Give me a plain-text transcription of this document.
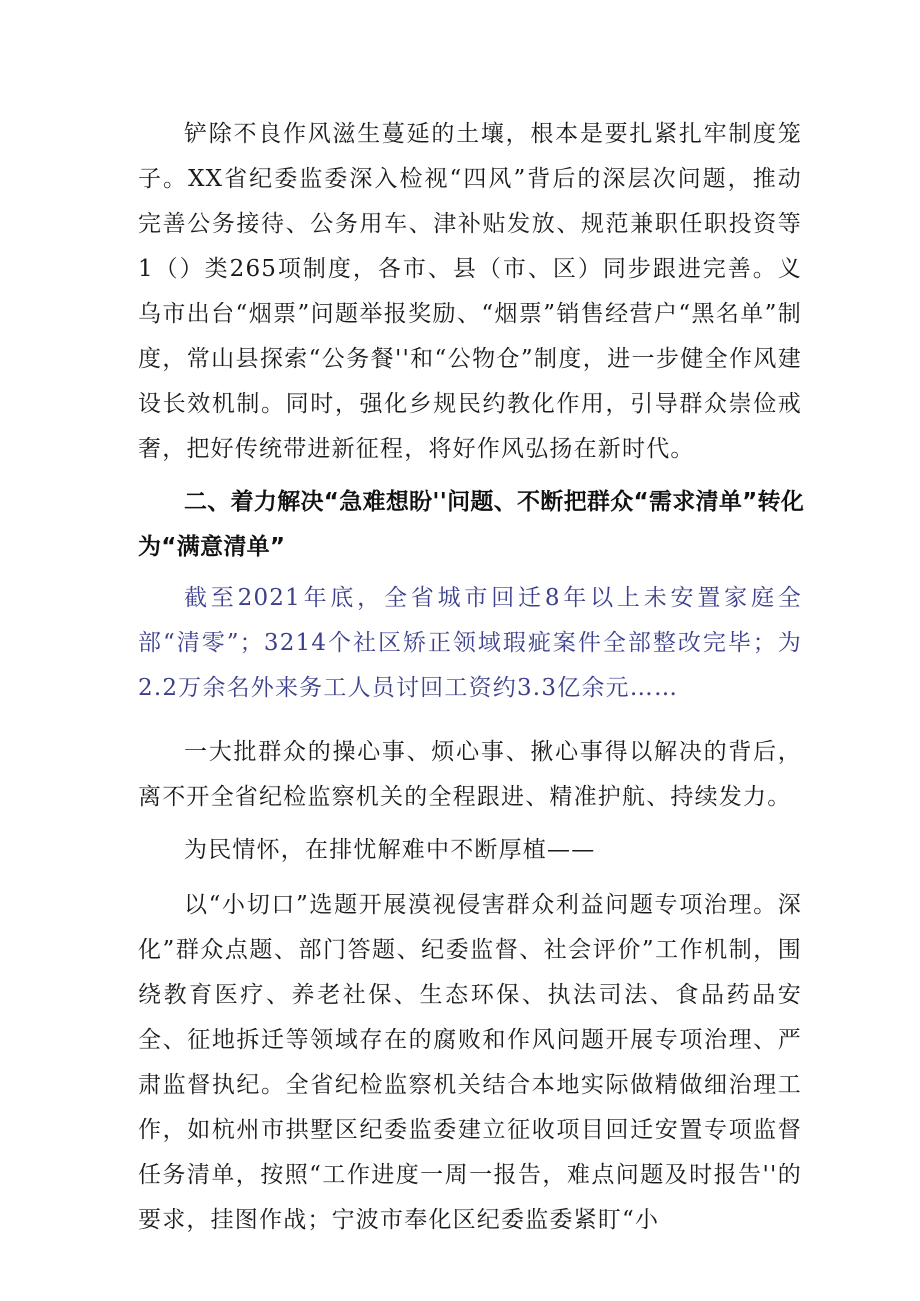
铲除不良作风滋生蔓延的土壤，根本是要扎紧扎牢制度笼子。XX省纪委监委深入检视“四风”背后的深层次问题，推动完善公务接待、公务用车、津补贴发放、规范兼职任职投资等1（）类265项制度，各市、县（市、区）同步跟进完善。义乌市出台“烟票”问题举报奖励、“烟票”销售经营户“黑名单”制度，常山县探索“公务餐''和“公物仓”制度，进一步健全作风建设长效机制。同时，强化乡规民约教化作用，引导群众崇俭戒奢，把好传统带进新征程，将好作风弘扬在新时代。

二、着力解决“急难想盼''问题、不断把群众“需求清单”转化为“满意清单”

截至2021年底，全省城市回迁8年以上未安置家庭全部“清零”；3214个社区矫正领域瑕疵案件全部整改完毕；为2.2万余名外来务工人员讨回工资约3.3亿余元……

一大批群众的操心事、烦心事、揪心事得以解决的背后，离不开全省纪检监察机关的全程跟进、精准护航、持续发力。

为民情怀，在排忧解难中不断厚植——

以“小切口”选题开展漠视侵害群众利益问题专项治理。深化”群众点题、部门答题、纪委监督、社会评价”工作机制，围绕教育医疗、养老社保、生态环保、执法司法、食品药品安全、征地拆迁等领域存在的腐败和作风问题开展专项治理、严肃监督执纪。全省纪检监察机关结合本地实际做精做细治理工作，如杭州市拱墅区纪委监委建立征收项目回迁安置专项监督任务清单，按照“工作进度一周一报告，难点问题及时报告''的要求，挂图作战；宁波市奉化区纪委监委紧盯“小
